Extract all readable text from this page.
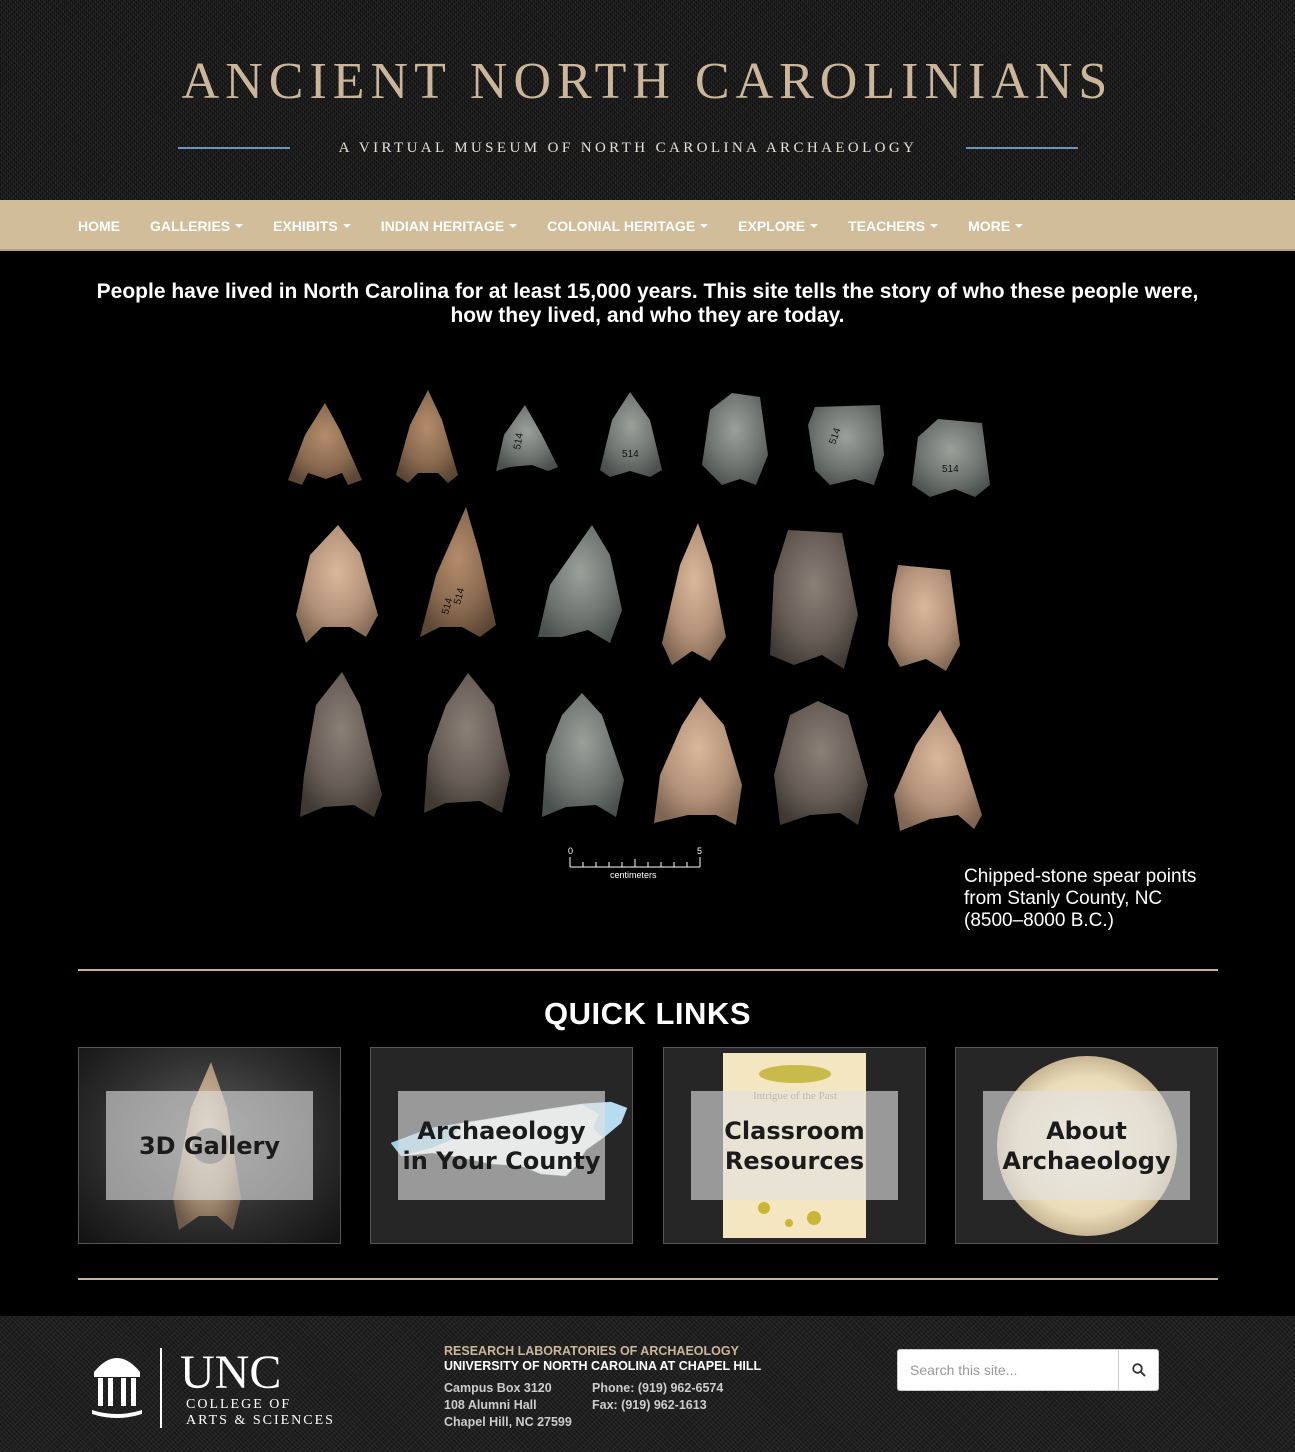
ANCIENT NORTH CAROLINIANS
A VIRTUAL MUSEUM OF NORTH CAROLINA ARCHAEOLOGY
HOME GALLERIES	EXHIBITS	INDIAN HERITAGE	COLONIAL HERITAGE	EXPLORE	TEACHERS	MORE

People have lived in North Carolina for at least 15,000 years. This site tells the story of who these people were, how they lived, and who they are today.

514
514
514
514
514
514
0	5
centimeters	Chipped-stone spear points from Stanly County, NC (8500–8000 B.C.)

QUICK LINKS
3D Gallery
Archaeology
in Your County
Classroom
Resources
About
Archaeology
UNC
COLLEGE OF
ARTS & SCIENCES
RESEARCH LABORATORIES OF ARCHAEOLOGY
UNIVERSITY OF NORTH CAROLINA AT CHAPEL HILL
Campus Box 3120
108 Alumni Hall
Chapel Hill, NC 27599
Phone: (919) 962-6574
Fax: (919) 962-1613
Search this site...
